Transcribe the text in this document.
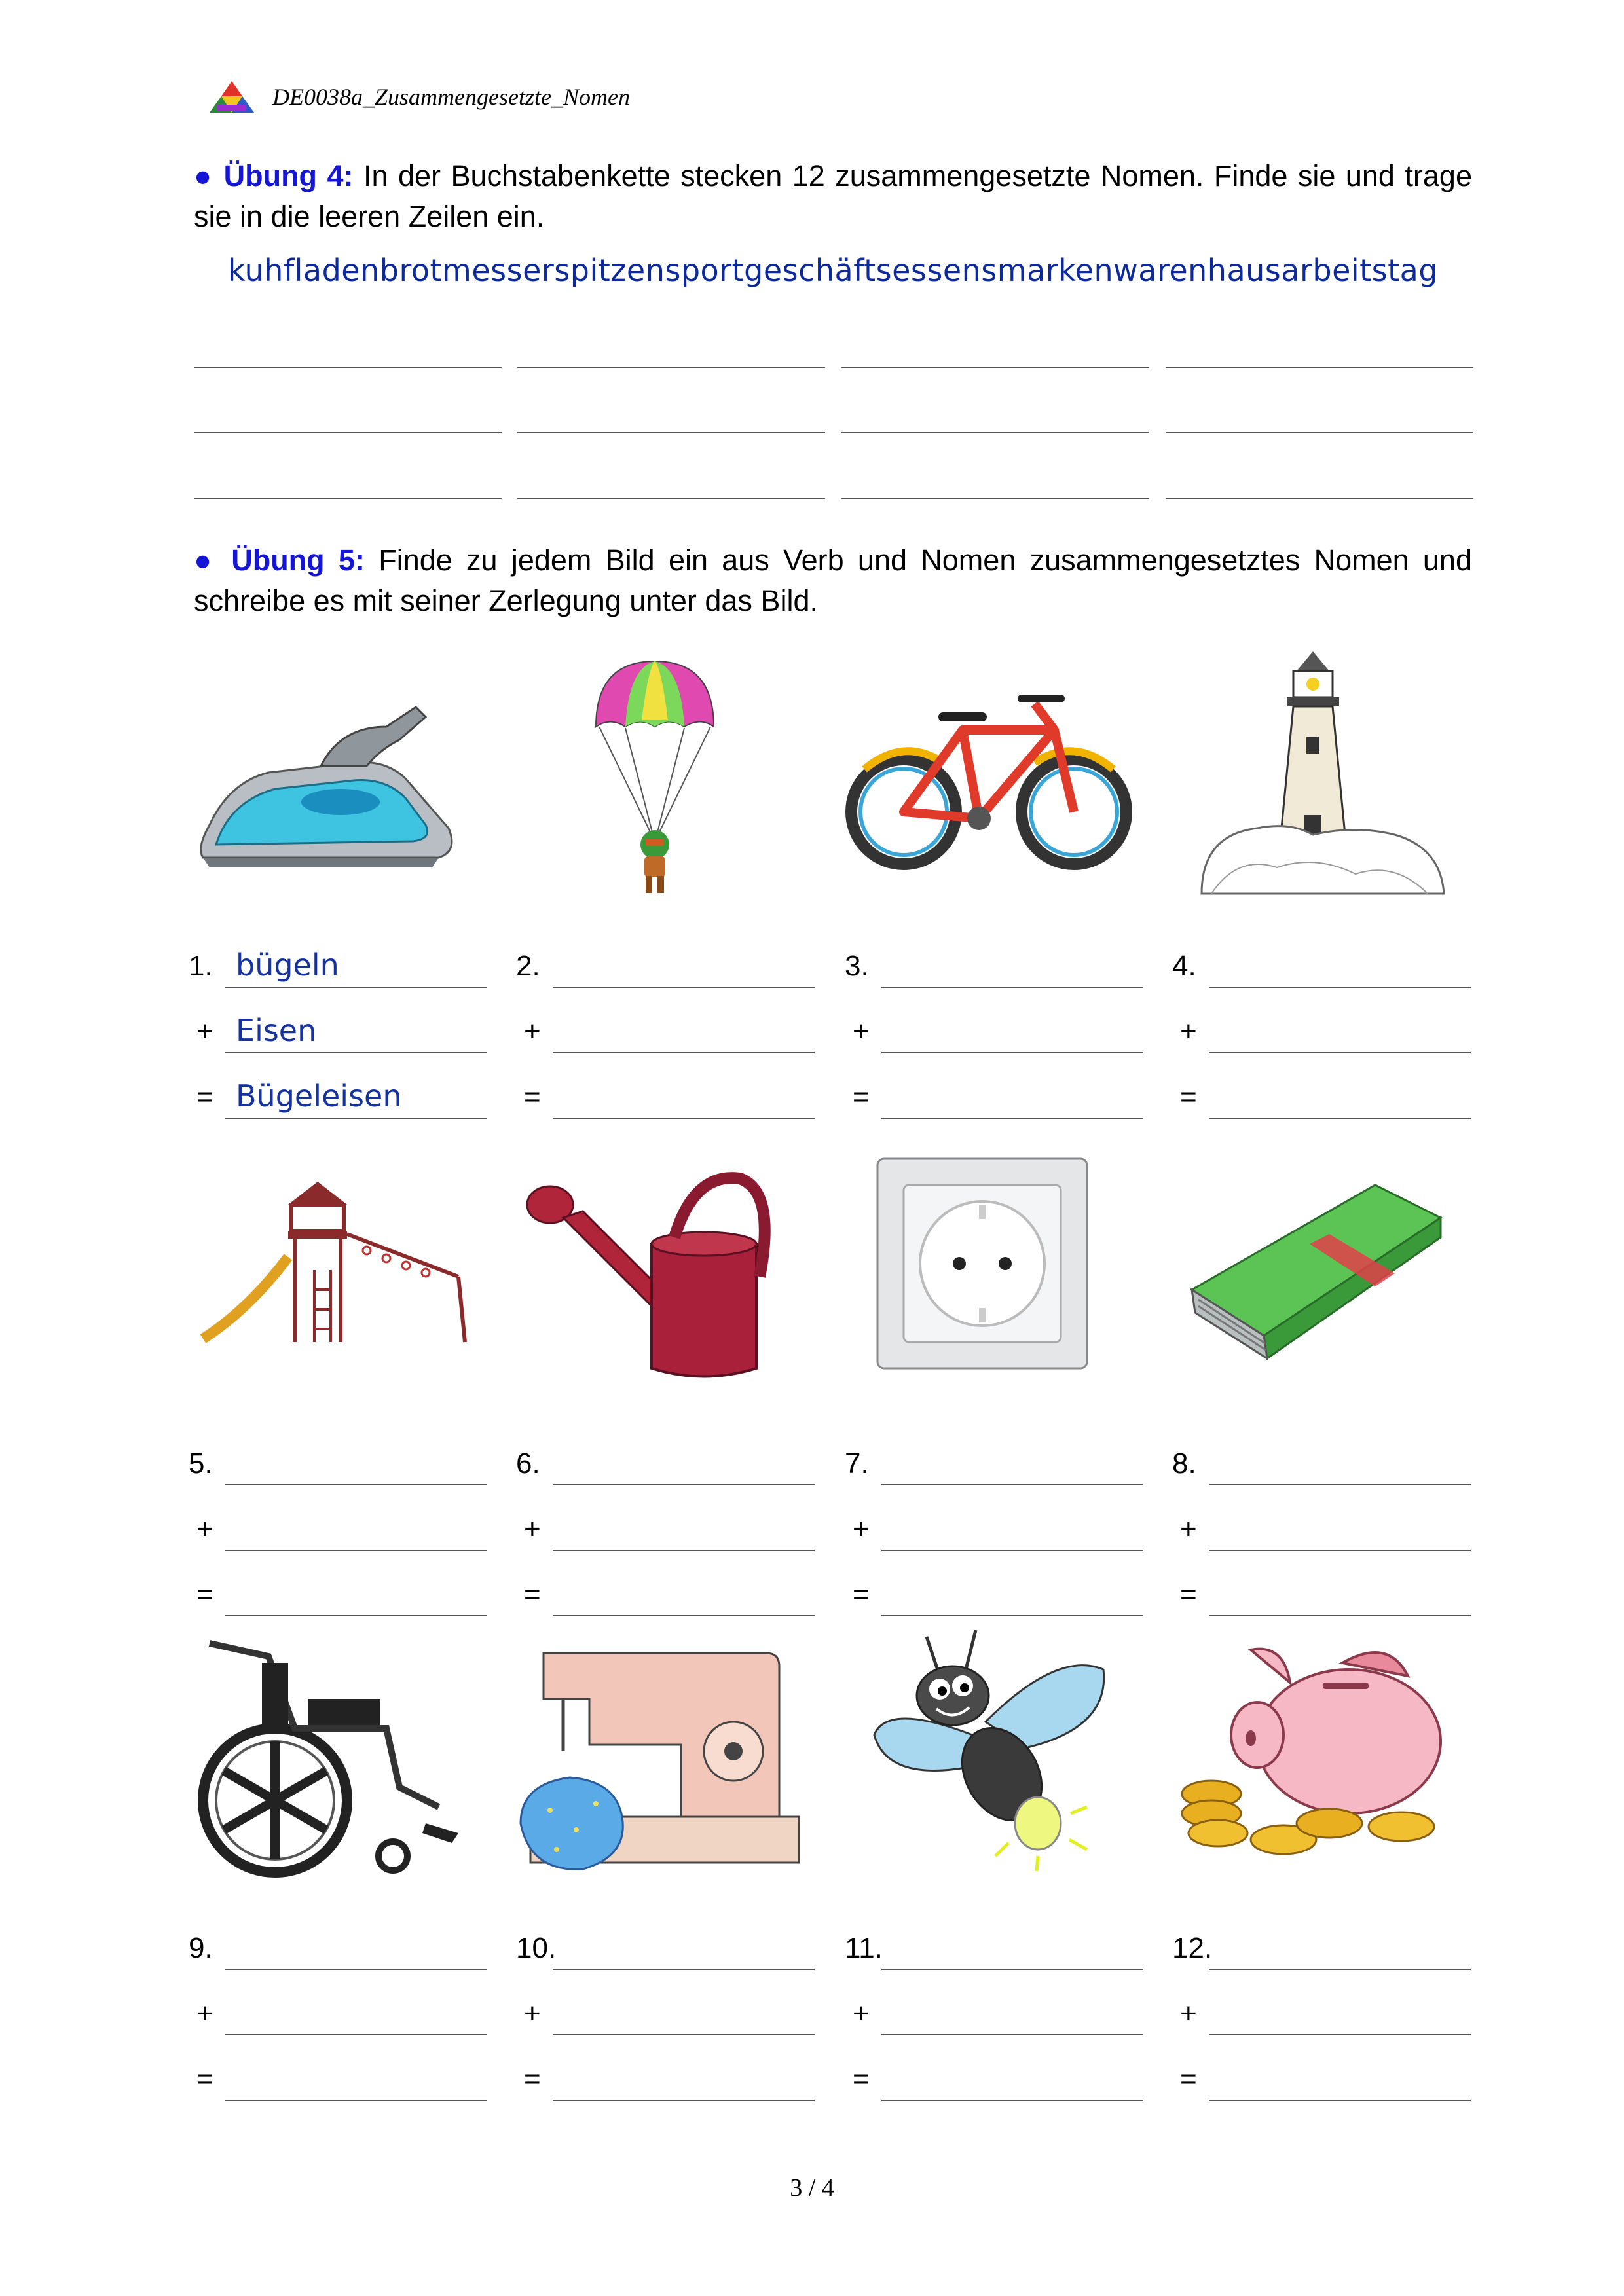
DE0038a_Zusammengesetzte_Nomen
● Übung 4: In der Buchstabenkette stecken 12 zusammengesetzte Nomen. Finde sie und trage sie in die leeren Zeilen ein.
kuhfladenbrotmesserspitzensportgeschäftsessensmarkenwarenhausarbeitstag
● Übung 5: Finde zu jedem Bild ein aus Verb und Nomen zusammengesetztes Nomen und schreibe es mit seiner Zerlegung unter das Bild.
1. bügeln
+ Eisen
= Bügeleisen
2.
+
=
3.
+
=
4.
+
=
5.
+
=
6.
+
=
7.
+
=
8.
+
=
9.
+
=
10.
+
=
11.
+
=
12.
+
=
3 / 4
